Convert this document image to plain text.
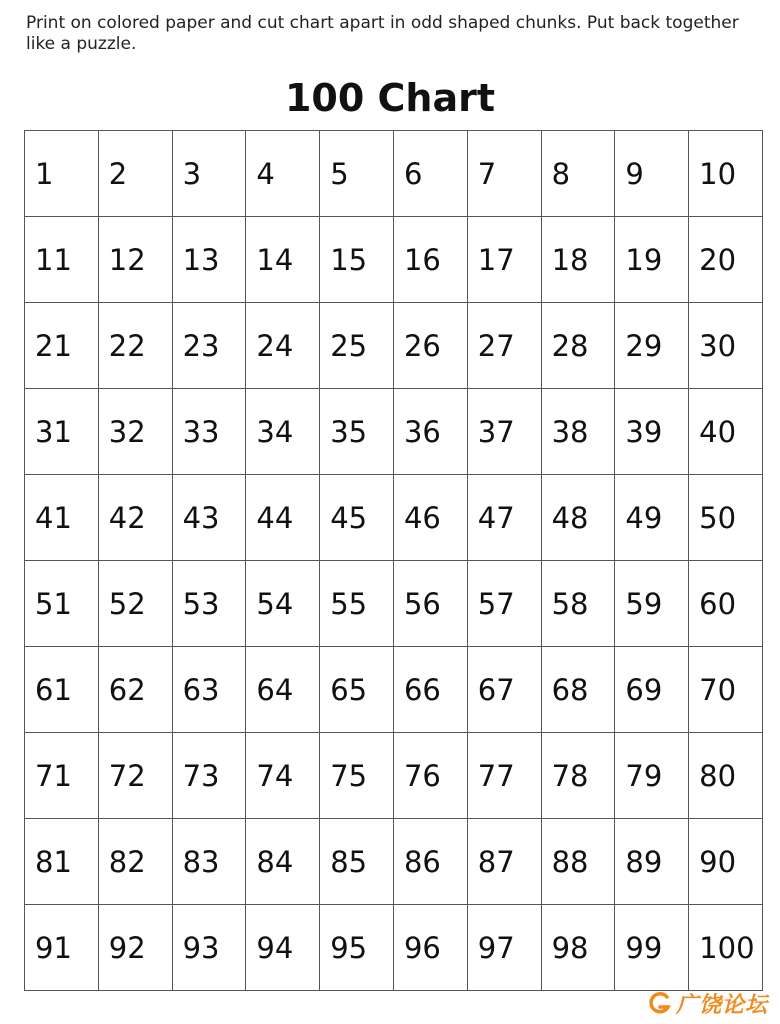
Print on colored paper and cut chart apart in odd shaped chunks. Put back together like a puzzle.
100 Chart
1	2	3	4	5	6	7	8	9	10
11	12	13	14	15	16	17	18	19	20
21	22	23	24	25	26	27	28	29	30
31	32	33	34	35	36	37	38	39	40
41	42	43	44	45	46	47	48	49	50
51	52	53	54	55	56	57	58	59	60
61	62	63	64	65	66	67	68	69	70
71	72	73	74	75	76	77	78	79	80
81	82	83	84	85	86	87	88	89	90
91	92	93	94	95	96	97	98	99	100
广饶论坛
